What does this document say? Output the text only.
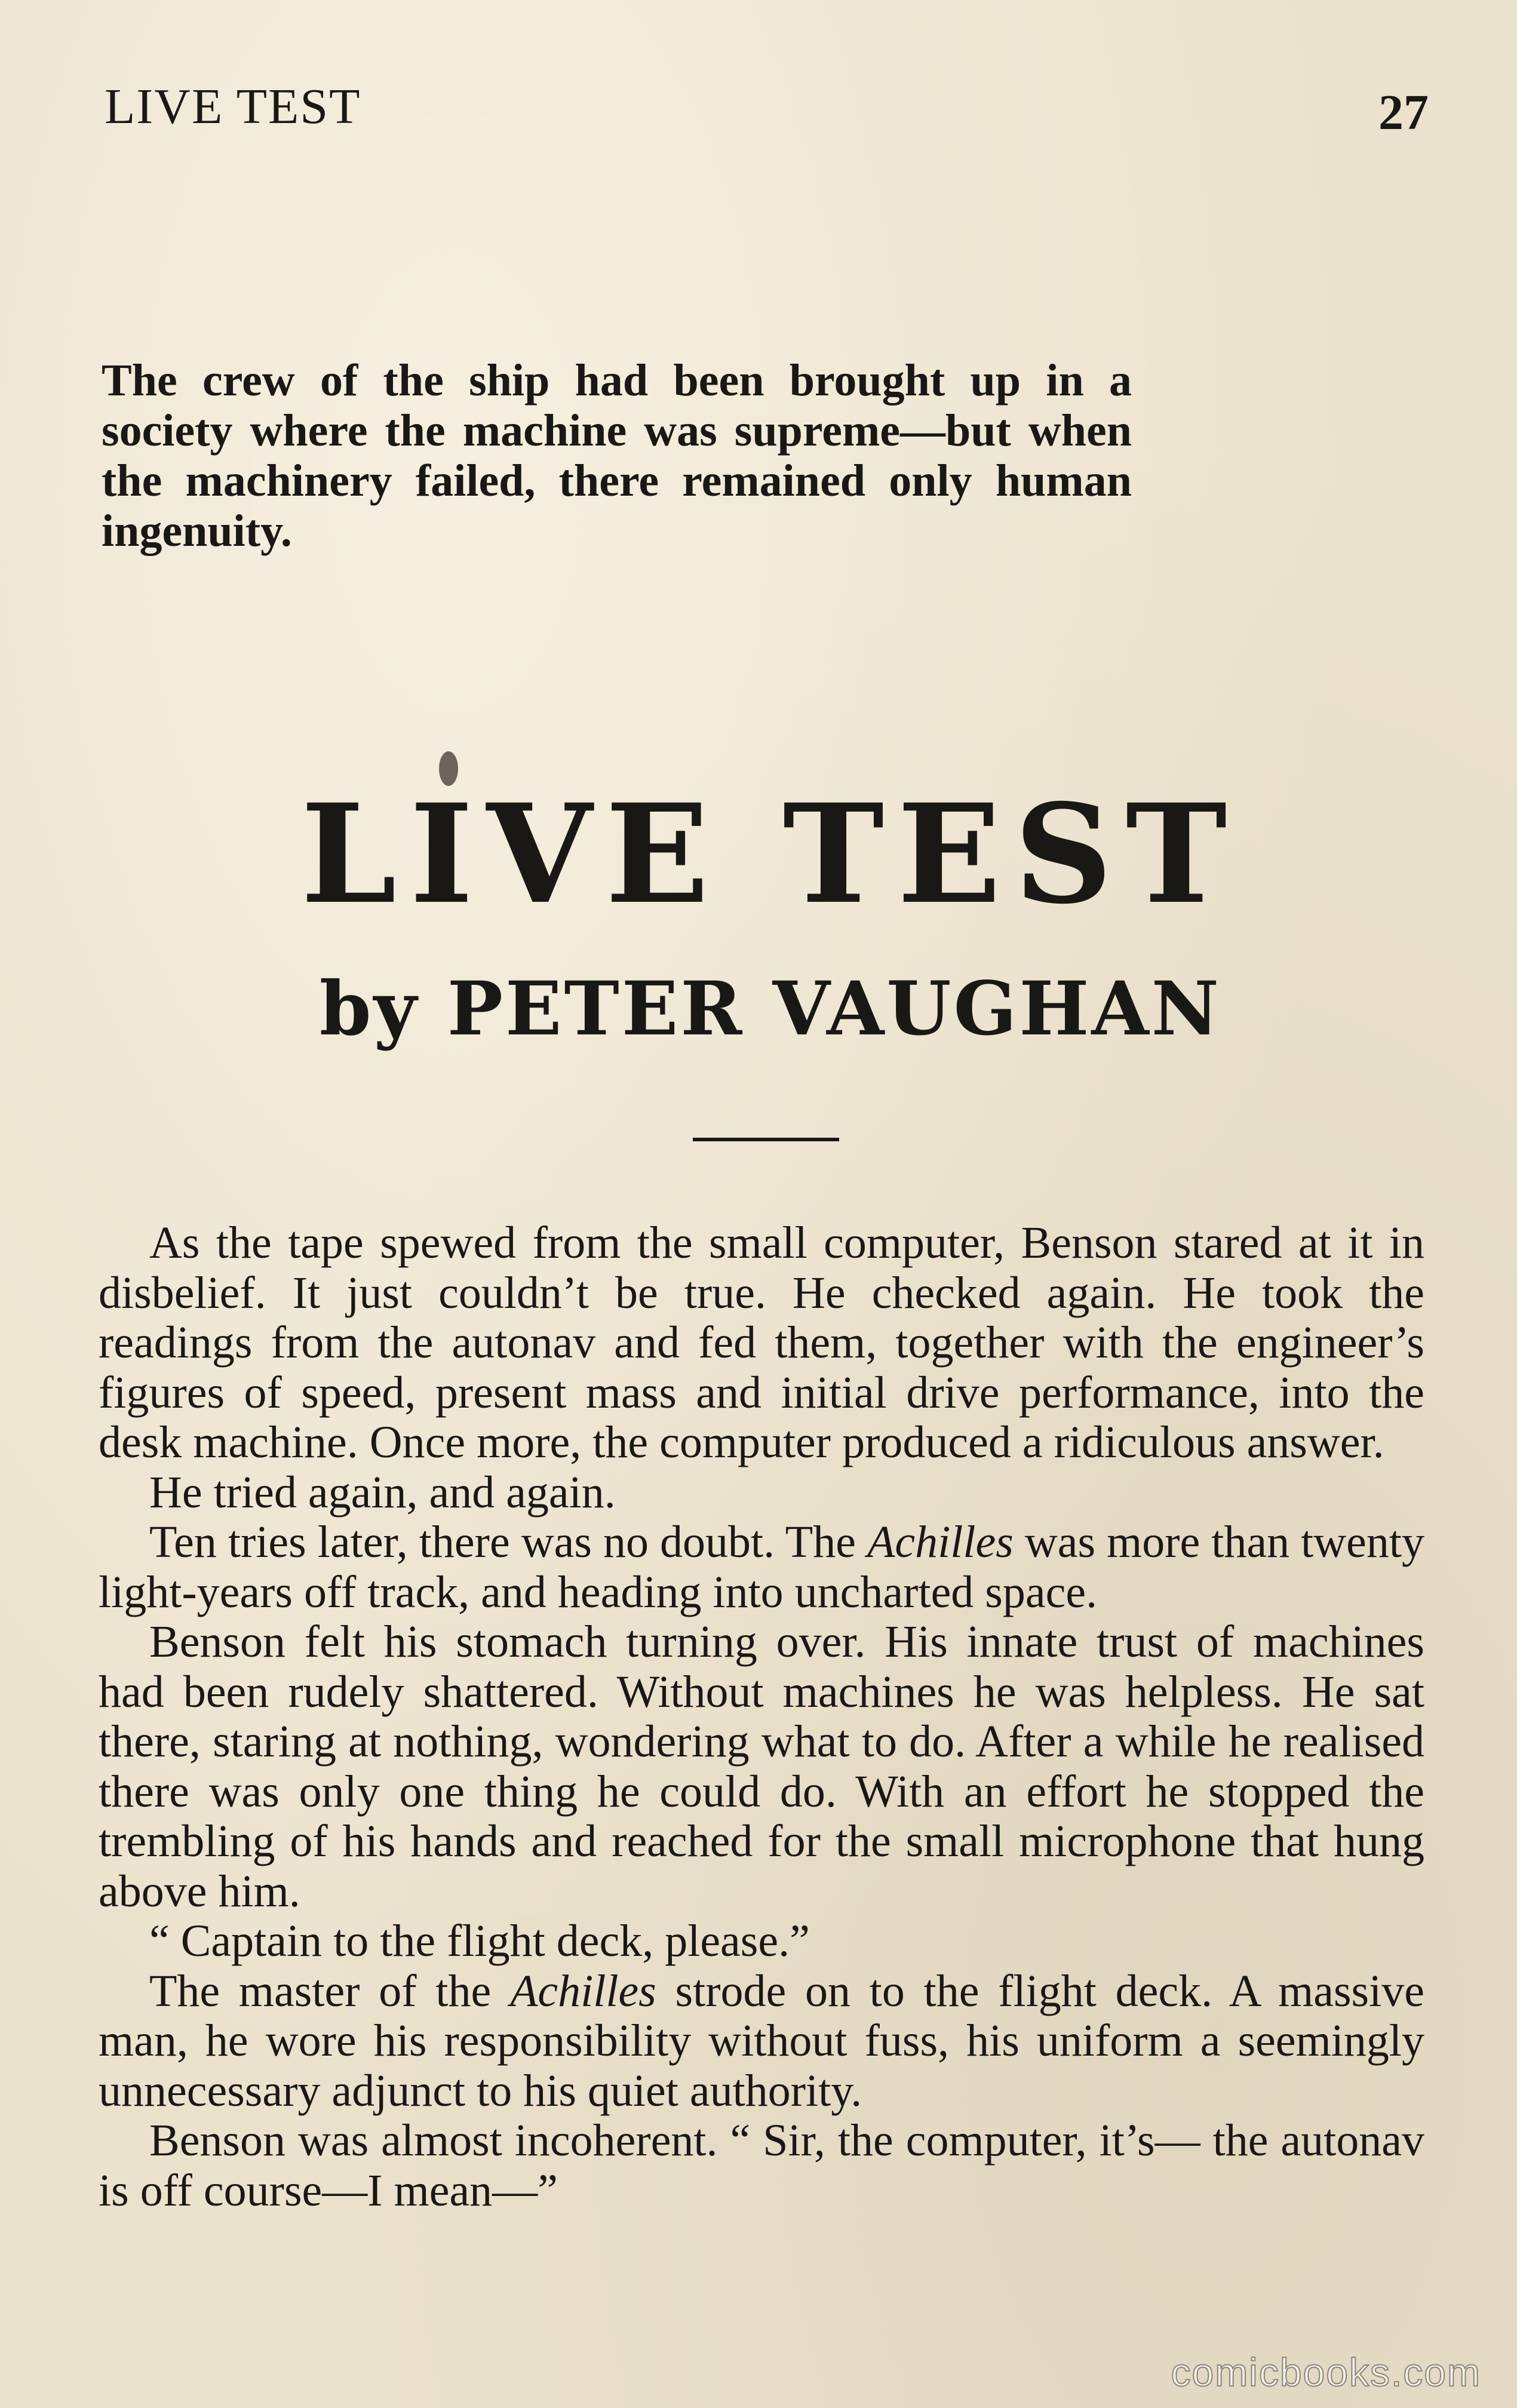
LIVE TEST	27

The crew of the ship had been brought up in a society where the machine was supreme—but when the machinery failed, there remained only human ingenuity.

LIVE TEST
by PETER VAUGHAN

As the tape spewed from the small computer, Benson stared at it in disbelief. It just couldn’t be true. He checked again. He took the readings from the autonav and fed them, together with the engineer’s figures of speed, present mass and initial drive performance, into the desk machine. Once more, the computer produced a ridiculous answer.

He tried again, and again.

Ten tries later, there was no doubt. The Achilles was more than twenty light-years off track, and heading into uncharted space.

Benson felt his stomach turning over. His innate trust of machines had been rudely shattered. Without machines he was helpless. He sat there, staring at nothing, wondering what to do. After a while he realised there was only one thing he could do. With an effort he stopped the trembling of his hands and reached for the small microphone that hung above him.

“ Captain to the flight deck, please.”

The master of the Achilles strode on to the flight deck. A massive man, he wore his responsibility without fuss, his uniform a seemingly unnecessary adjunct to his quiet authority.

Benson was almost incoherent. “ Sir, the computer, it’s— the autonav is off course—I mean—”

comicbooks.com
